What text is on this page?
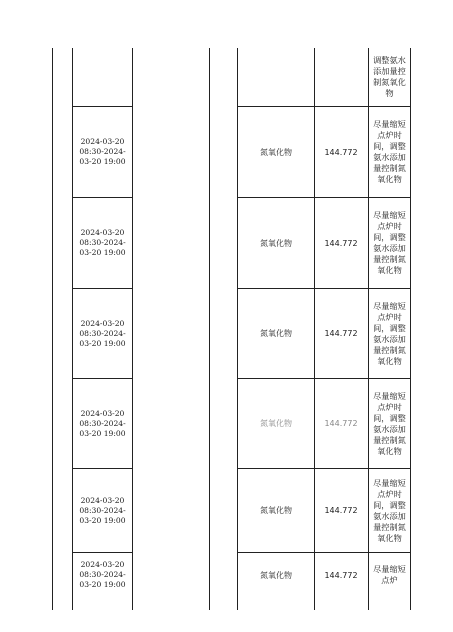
调整氨水添加量控制氮氧化物
2024-03-20 08:30-2024-03-20 19:00
氮氧化物	144.772
尽量缩短点炉时间，调整氨水添加量控制氮氧化物
2024-03-20 08:30-2024-03-20 19:00
氮氧化物	144.772
尽量缩短点炉时间，调整氨水添加量控制氮氧化物
2024-03-20 08:30-2024-03-20 19:00
氮氧化物	144.772
尽量缩短点炉时间，调整氨水添加量控制氮氧化物
2024-03-20 08:30-2024-03-20 19:00
氮氧化物	144.772
尽量缩短点炉时间，调整氨水添加量控制氮氧化物
2024-03-20 08:30-2024-03-20 19:00
氮氧化物	144.772
尽量缩短点炉时间，调整氨水添加量控制氮氧化物
2024-03-20 08:30-2024-03-20 19:00
氮氧化物	144.772
尽量缩短点炉
